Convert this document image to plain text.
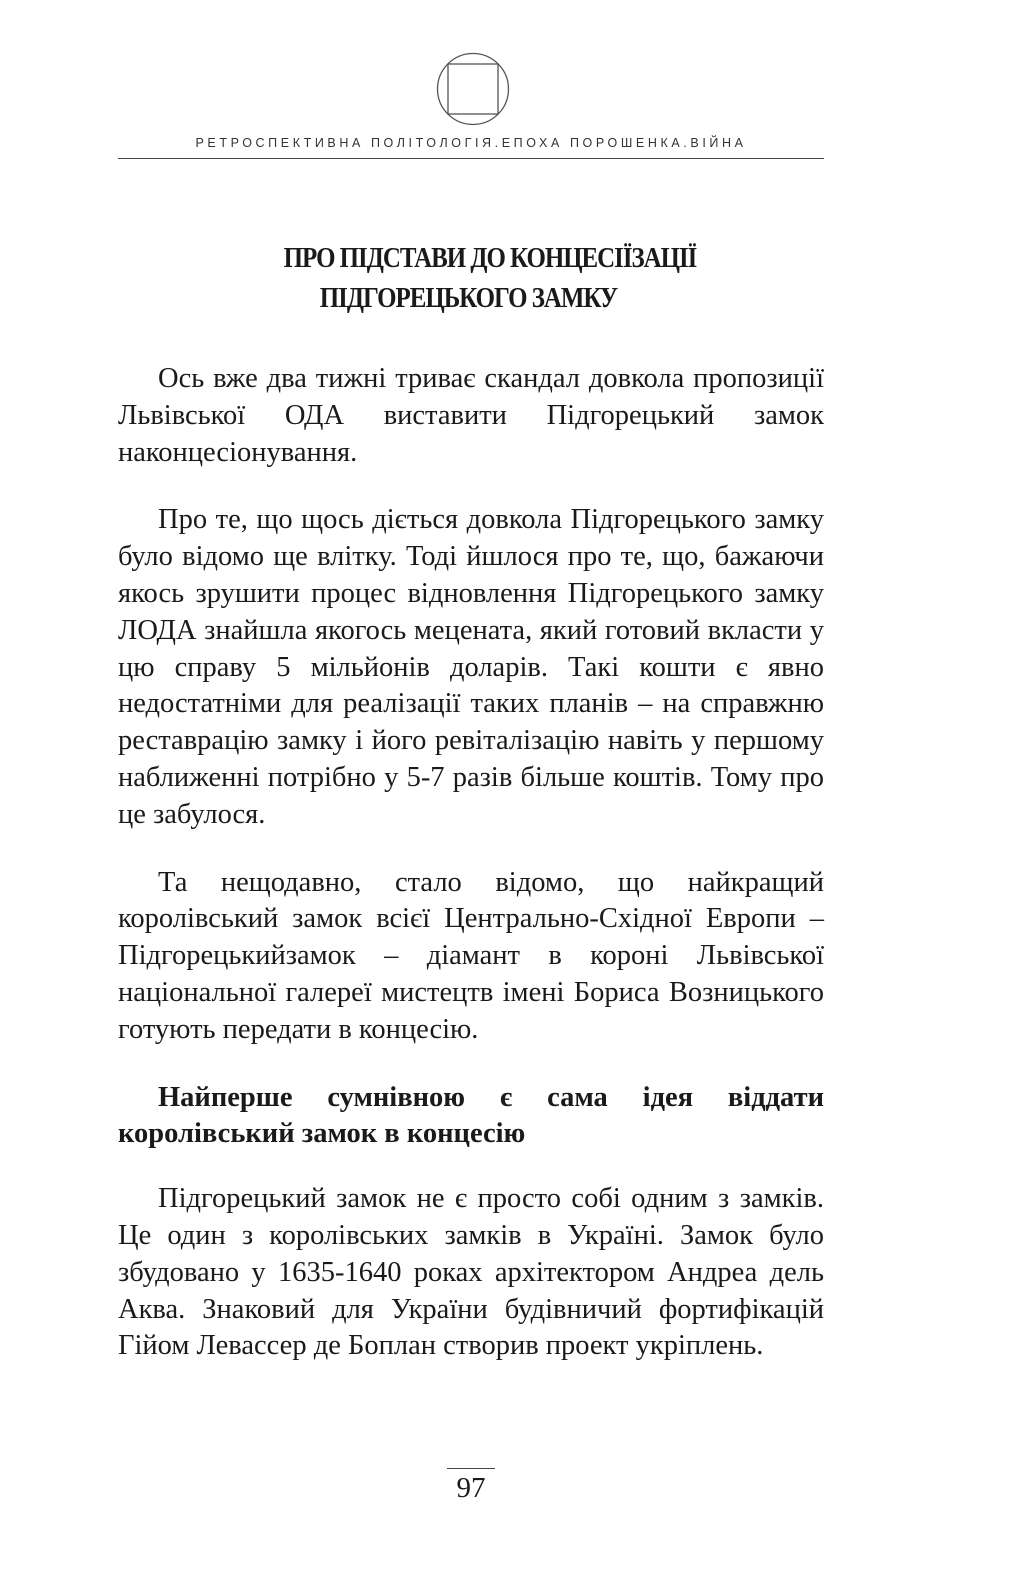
РЕТРОСПЕКТИВНА ПОЛІТОЛОГІЯ.ЕПОХА ПОРОШЕНКА.ВІЙНА
ПРО ПІДСТАВИ ДО КОНЦЕСІЇЗАЦІЇ
ПІДГОРЕЦЬКОГО ЗАМКУ

Ось вже два тижні триває скандал довкола пропозиції Львівської ОДА виставити Підгорецький замок наконцесіонування.

Про те, що щось діється довкола Підгорецького замку було відомо ще влітку. Тоді йшлося про те, що, бажаючи якось зрушити процес відновлення Підгорецького замку ЛОДА знайшла якогось мецената, який готовий вкласти у цю справу 5 мільйонів доларів. Такі кошти є явно недостатніми для реалізації таких планів – на справжню реставрацію замку і його ревіталізацію навіть у першому наближенні потрібно у 5-7 разів більше коштів. Тому про це забулося.

Та нещодавно, стало відомо, що найкращий королівський замок всієї Центрально-Східної Европи – Підгорецькийзамок – діамант в короні Львівської національної галереї мистецтв імені Бориса Возницького готують передати в концесію.

Найперше сумнівною є сама ідея віддати королівський замок в концесію

Підгорецький замок не є просто собі одним з замків. Це один з королівських замків в Україні. Замок було збудовано у 1635-1640 роках архітектором Андреа дель Аква. Знаковий для України будівничий фортифікацій Гійом Левассер де Боплан створив проект укріплень.

97
